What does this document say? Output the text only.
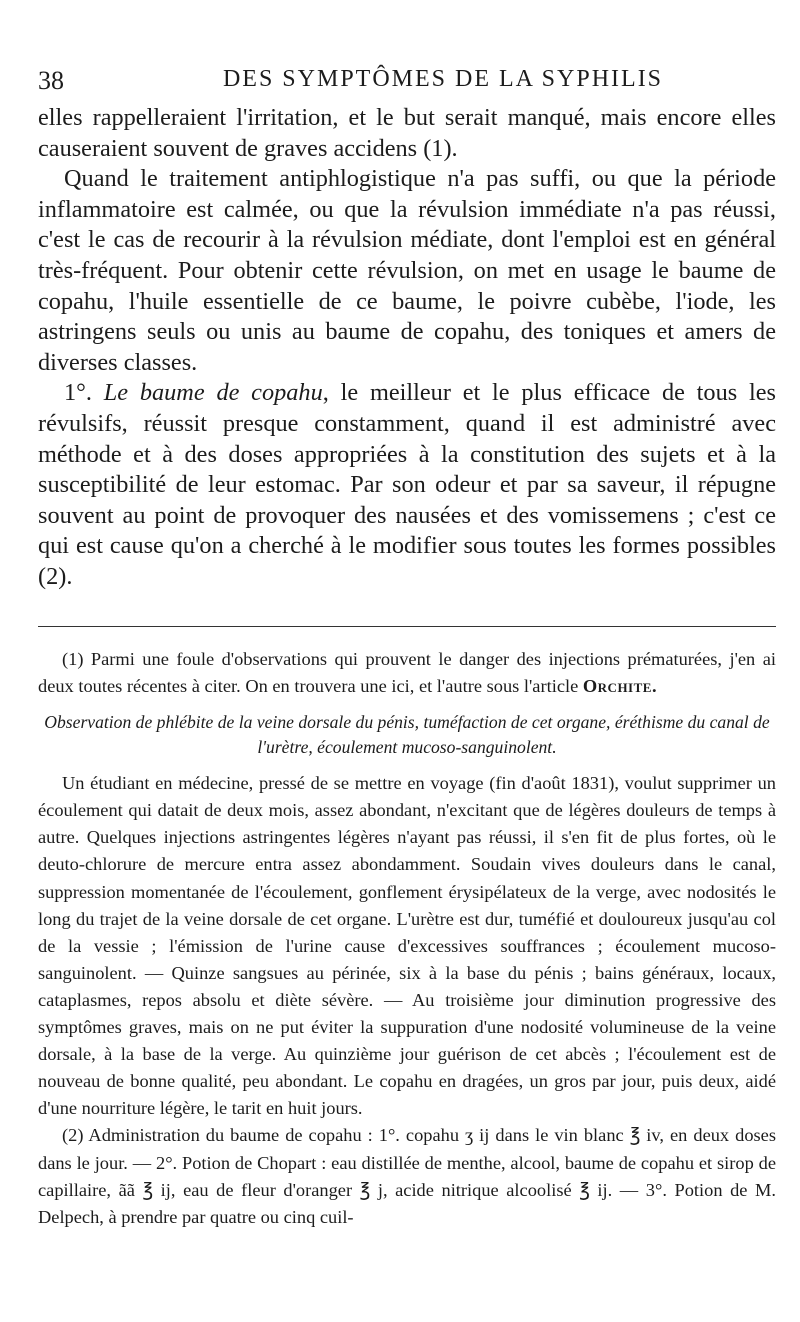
38	DES SYMPTÔMES DE LA SYPHILIS

elles rappelleraient l'irritation, et le but serait manqué, mais encore elles causeraient souvent de graves accidens (1).

Quand le traitement antiphlogistique n'a pas suffi, ou que la période inflammatoire est calmée, ou que la révulsion immédiate n'a pas réussi, c'est le cas de recourir à la révulsion médiate, dont l'emploi est en général très-fréquent. Pour obtenir cette révulsion, on met en usage le baume de copahu, l'huile essentielle de ce baume, le poivre cubèbe, l'iode, les astringens seuls ou unis au baume de copahu, des toniques et amers de diverses classes.

1°. Le baume de copahu, le meilleur et le plus efficace de tous les révulsifs, réussit presque constamment, quand il est administré avec méthode et à des doses appropriées à la constitution des sujets et à la susceptibilité de leur estomac. Par son odeur et par sa saveur, il répugne souvent au point de provoquer des nausées et des vomissemens ; c'est ce qui est cause qu'on a cherché à le modifier sous toutes les formes possibles (2).

(1) Parmi une foule d'observations qui prouvent le danger des injections prématurées, j'en ai deux toutes récentes à citer. On en trouvera une ici, et l'autre sous l'article Orchite.

Observation de phlébite de la veine dorsale du pénis, tuméfaction de cet organe, éréthisme du canal de l'urètre, écoulement mucoso-sanguinolent.

Un étudiant en médecine, pressé de se mettre en voyage (fin d'août 1831), voulut supprimer un écoulement qui datait de deux mois, assez abondant, n'excitant que de légères douleurs de temps à autre. Quelques injections astringentes légères n'ayant pas réussi, il s'en fit de plus fortes, où le deuto-chlorure de mercure entra assez abondamment. Soudain vives douleurs dans le canal, suppression momentanée de l'écoulement, gonflement érysipélateux de la verge, avec nodosités le long du trajet de la veine dorsale de cet organe. L'urètre est dur, tuméfié et douloureux jusqu'au col de la vessie ; l'émission de l'urine cause d'excessives souffrances ; écoulement mucoso-sanguinolent. — Quinze sangsues au périnée, six à la base du pénis ; bains généraux, locaux, cataplasmes, repos absolu et diète sévère. — Au troisième jour diminution progressive des symptômes graves, mais on ne put éviter la suppuration d'une nodosité volumineuse de la veine dorsale, à la base de la verge. Au quinzième jour guérison de cet abcès ; l'écoulement est de nouveau de bonne qualité, peu abondant. Le copahu en dragées, un gros par jour, puis deux, aidé d'une nourriture légère, le tarit en huit jours.

(2) Administration du baume de copahu : 1°. copahu ʒ ij dans le vin blanc ℥ iv, en deux doses dans le jour. — 2°. Potion de Chopart : eau distillée de menthe, alcool, baume de copahu et sirop de capillaire, ãã ℥ ij, eau de fleur d'oranger ℥ j, acide nitrique alcoolisé ℥ ij. — 3°. Potion de M. Delpech, à prendre par quatre ou cinq cuil-
